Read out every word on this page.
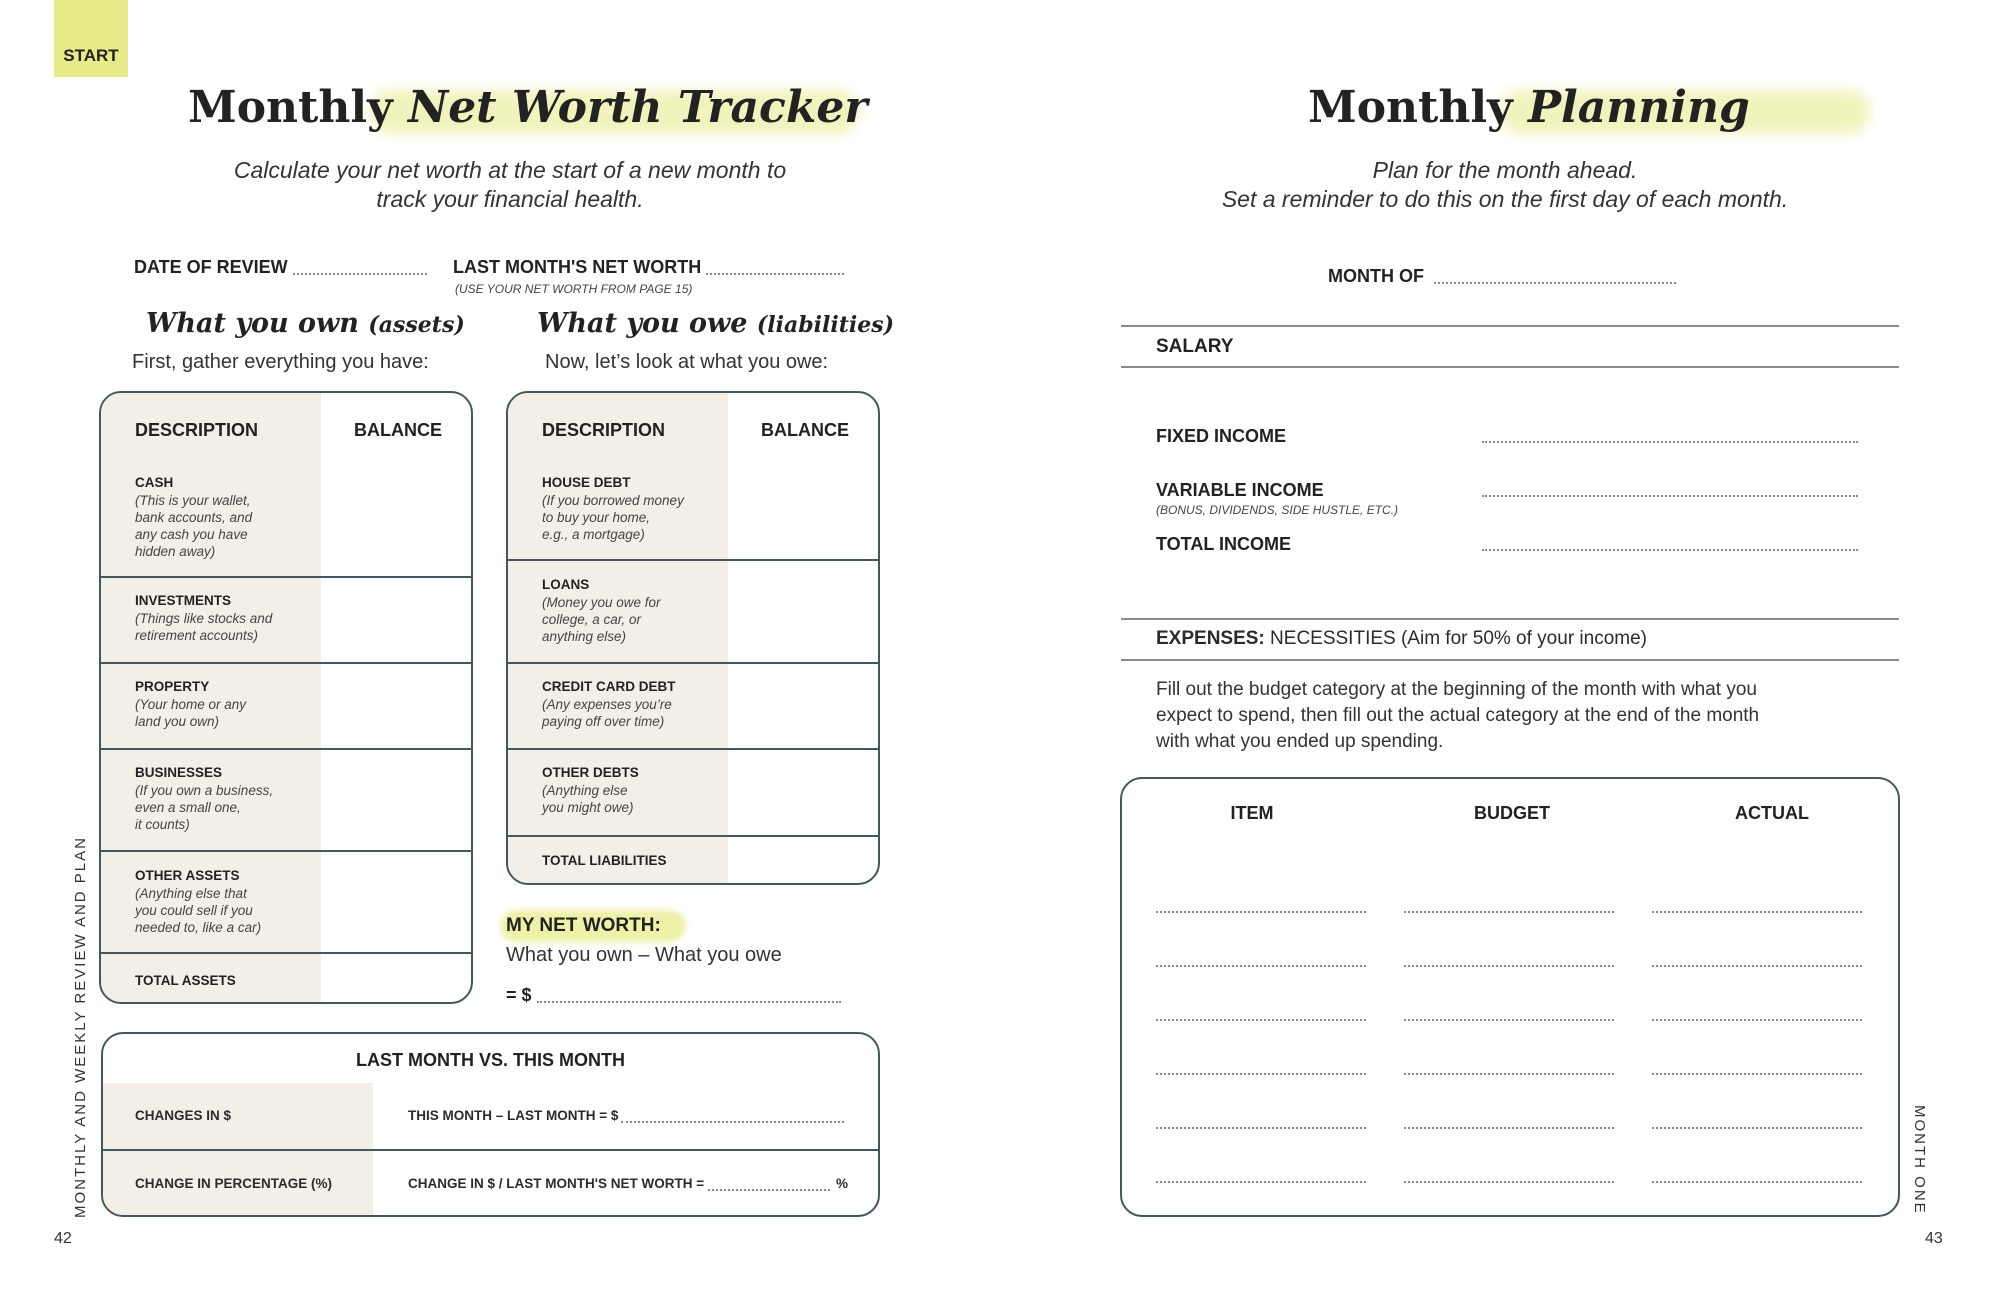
START
Monthly Net Worth Tracker
Calculate your net worth at the start of a new month to
track your financial health.
DATE OF REVIEW	LAST MONTH'S NET WORTH
(USE YOUR NET WORTH FROM PAGE 15)
What you own (assets)
First, gather everything you have:
What you owe (liabilities)
Now, let’s look at what you owe:
DESCRIPTION	BALANCE
CASH
(This is your wallet,
bank accounts, and
any cash you have
hidden away)
INVESTMENTS
(Things like stocks and
retirement accounts)
PROPERTY
(Your home or any
land you own)
BUSINESSES
(If you own a business,
even a small one,
it counts)
OTHER ASSETS
(Anything else that
you could sell if you
needed to, like a car)
TOTAL ASSETS
DESCRIPTION	BALANCE
HOUSE DEBT
(If you borrowed money
to buy your home,
e.g., a mortgage)
LOANS
(Money you owe for
college, a car, or
anything else)
CREDIT CARD DEBT
(Any expenses you’re
paying off over time)
OTHER DEBTS
(Anything else
you might owe)
TOTAL LIABILITIES
MY NET WORTH:
What you own – What you owe
= $
LAST MONTH VS. THIS MONTH
CHANGES IN $	THIS MONTH – LAST MONTH = $
CHANGE IN PERCENTAGE (%)	CHANGE IN $ / LAST MONTH'S NET WORTH =	%
MONTHLY AND WEEKLY REVIEW AND PLAN
42
Monthly Planning
Plan for the month ahead.
Set a reminder to do this on the first day of each month.
MONTH OF
SALARY
FIXED INCOME
VARIABLE INCOME
(BONUS, DIVIDENDS, SIDE HUSTLE, ETC.)
TOTAL INCOME
EXPENSES: NECESSITIES (Aim for 50% of your income)
Fill out the budget category at the beginning of the month with what you
expect to spend, then fill out the actual category at the end of the month
with what you ended up spending.
ITEM	BUDGET	ACTUAL
MONTH ONE
43
